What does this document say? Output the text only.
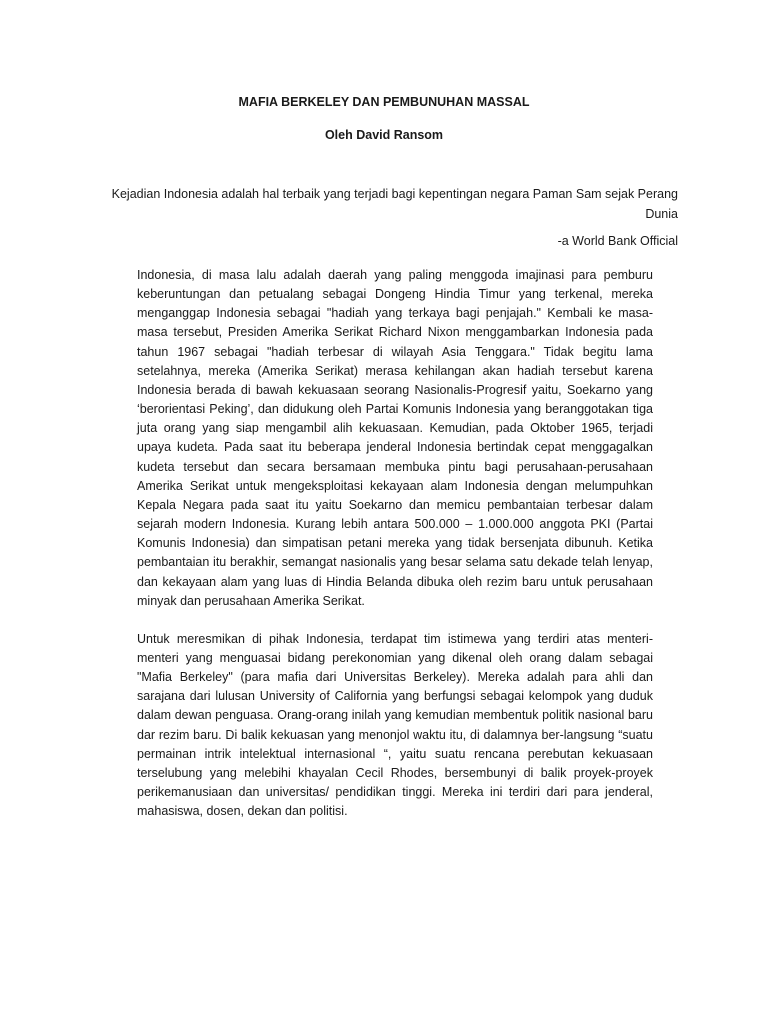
MAFIA BERKELEY DAN PEMBUNUHAN MASSAL
Oleh David Ransom
Kejadian Indonesia adalah hal terbaik yang terjadi bagi kepentingan negara Paman Sam sejak Perang Dunia
-a World Bank Official

Indonesia, di masa lalu adalah daerah yang paling menggoda imajinasi para pemburu keberuntungan dan petualang sebagai Dongeng Hindia Timur yang terkenal, mereka menganggap Indonesia sebagai "hadiah yang terkaya bagi penjajah." Kembali ke masa-masa tersebut, Presiden Amerika Serikat Richard Nixon menggambarkan Indonesia pada tahun 1967 sebagai "hadiah terbesar di wilayah Asia Tenggara." Tidak begitu lama setelahnya, mereka (Amerika Serikat) merasa kehilangan akan hadiah tersebut karena Indonesia berada di bawah kekuasaan seorang Nasionalis-Progresif yaitu, Soekarno yang ‘berorientasi Peking’, dan didukung oleh Partai Komunis Indonesia yang beranggotakan tiga juta orang yang siap mengambil alih kekuasaan. Kemudian, pada Oktober 1965, terjadi upaya kudeta. Pada saat itu beberapa jenderal Indonesia bertindak cepat menggagalkan kudeta tersebut dan secara bersamaan membuka pintu bagi perusahaan-perusahaan Amerika Serikat untuk mengeksploitasi kekayaan alam Indonesia dengan melumpuhkan Kepala Negara pada saat itu yaitu Soekarno dan memicu pembantaian terbesar dalam sejarah modern Indonesia. Kurang lebih antara 500.000 – 1.000.000 anggota PKI (Partai Komunis Indonesia) dan simpatisan petani mereka yang tidak bersenjata dibunuh. Ketika pembantaian itu berakhir, semangat nasionalis yang besar selama satu dekade telah lenyap, dan kekayaan alam yang luas di Hindia Belanda dibuka oleh rezim baru untuk perusahaan minyak dan perusahaan Amerika Serikat.

Untuk meresmikan di pihak Indonesia, terdapat tim istimewa yang terdiri atas menteri-menteri yang menguasai bidang perekonomian yang dikenal oleh orang dalam sebagai "Mafia Berkeley" (para mafia dari Universitas Berkeley). Mereka adalah para ahli dan sarajana dari lulusan University of California yang berfungsi sebagai kelompok yang duduk dalam dewan penguasa. Orang-orang inilah yang kemudian membentuk politik nasional baru dar rezim baru. Di balik kekuasan yang menonjol waktu itu, di dalamnya ber-langsung “suatu permainan intrik intelektual internasional “, yaitu suatu rencana perebutan kekuasaan terselubung yang melebihi khayalan Cecil Rhodes, bersembunyi di balik proyek-proyek perikemanusiaan dan universitas/ pendidikan tinggi. Mereka ini terdiri dari para jenderal, mahasiswa, dosen, dekan dan politisi.
